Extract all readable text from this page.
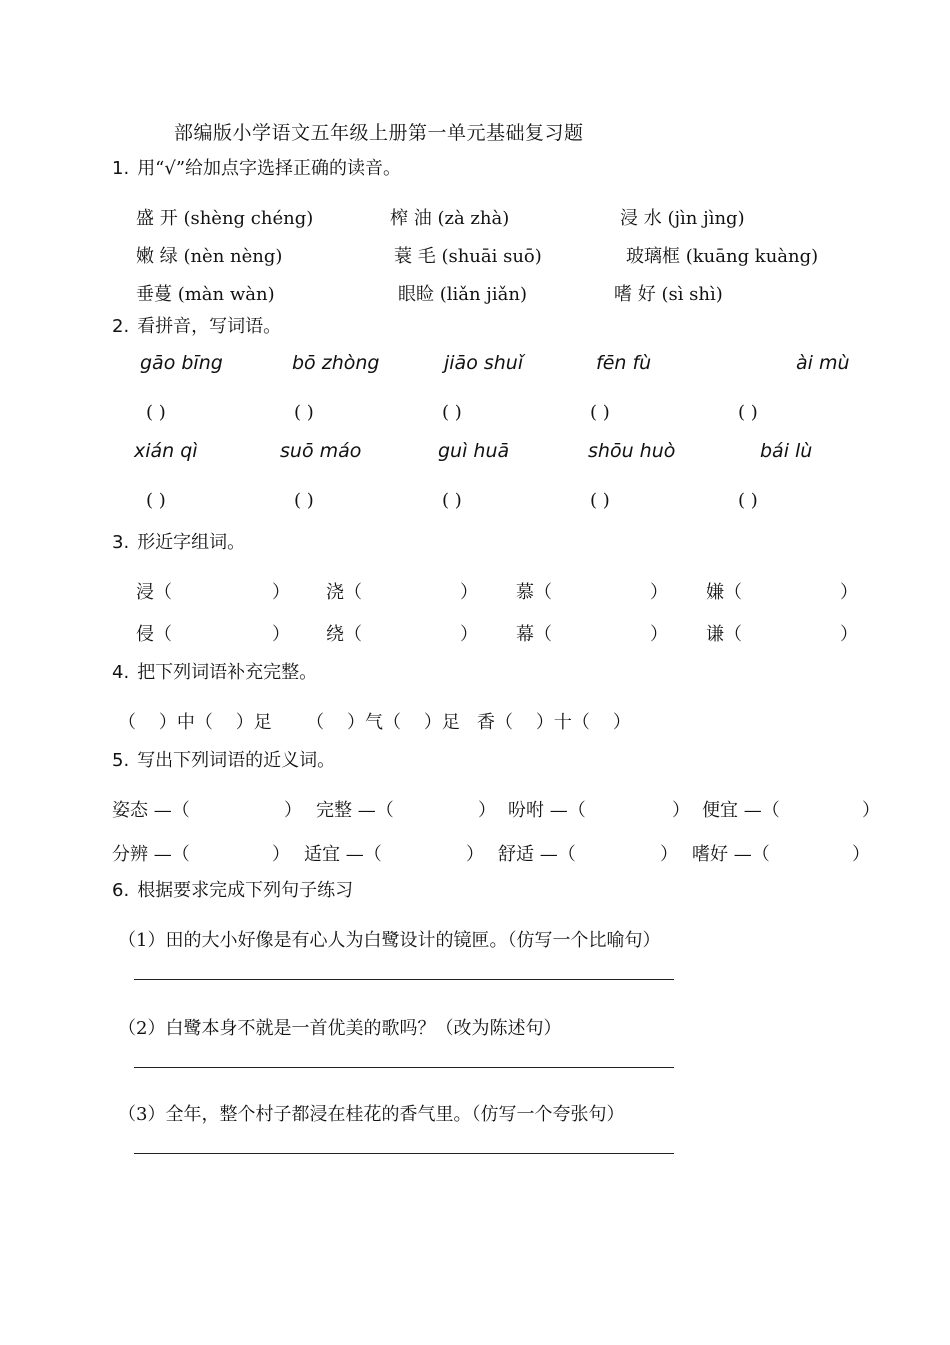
部编版小学语文五年级上册第一单元基础复习题
1. 用“√”给加点字选择正确的读音。
盛 开 (shèng chéng)	榨 油 (zà zhà)	浸 水 (jìn jìng)
嫩 绿 (nèn nèng)	蓑 毛 (shuāi suō)	玻璃框 (kuāng kuàng)
垂蔓 (màn wàn)	眼睑 (liǎn jiǎn)	嗜 好 (sì shì)
2. 看拼音，写词语。
gāo bīng	bō zhòng	jiāo shuǐ	fēn fù	ài mù
( )	( )	( )	( )	( )
xián qì	suō máo	guì huā	shōu huò	bái lù
( )	( )	( )	( )	( )
3. 形近字组词。
浸（	） 浇（	） 慕（	） 嫌（	）
侵（	） 绕（	） 幕（	） 谦（	）
4. 把下列词语补充完整。
（    ）中（    ）足      （    ）气（    ）足   香（    ）十（    ）
5. 写出下列词语的近义词。
姿态 —（	） 完整 —（	） 吩咐 —（	） 便宜 —（	）
分辨 —（	） 适宜 —（	） 舒适 —（	） 嗜好 —（	）
6. 根据要求完成下列句子练习
（1）田的大小好像是有心人为白鹭设计的镜匣。（仿写一个比喻句）
（2）白鹭本身不就是一首优美的歌吗？（改为陈述句）
（3）全年，整个村子都浸在桂花的香气里。（仿写一个夸张句）
